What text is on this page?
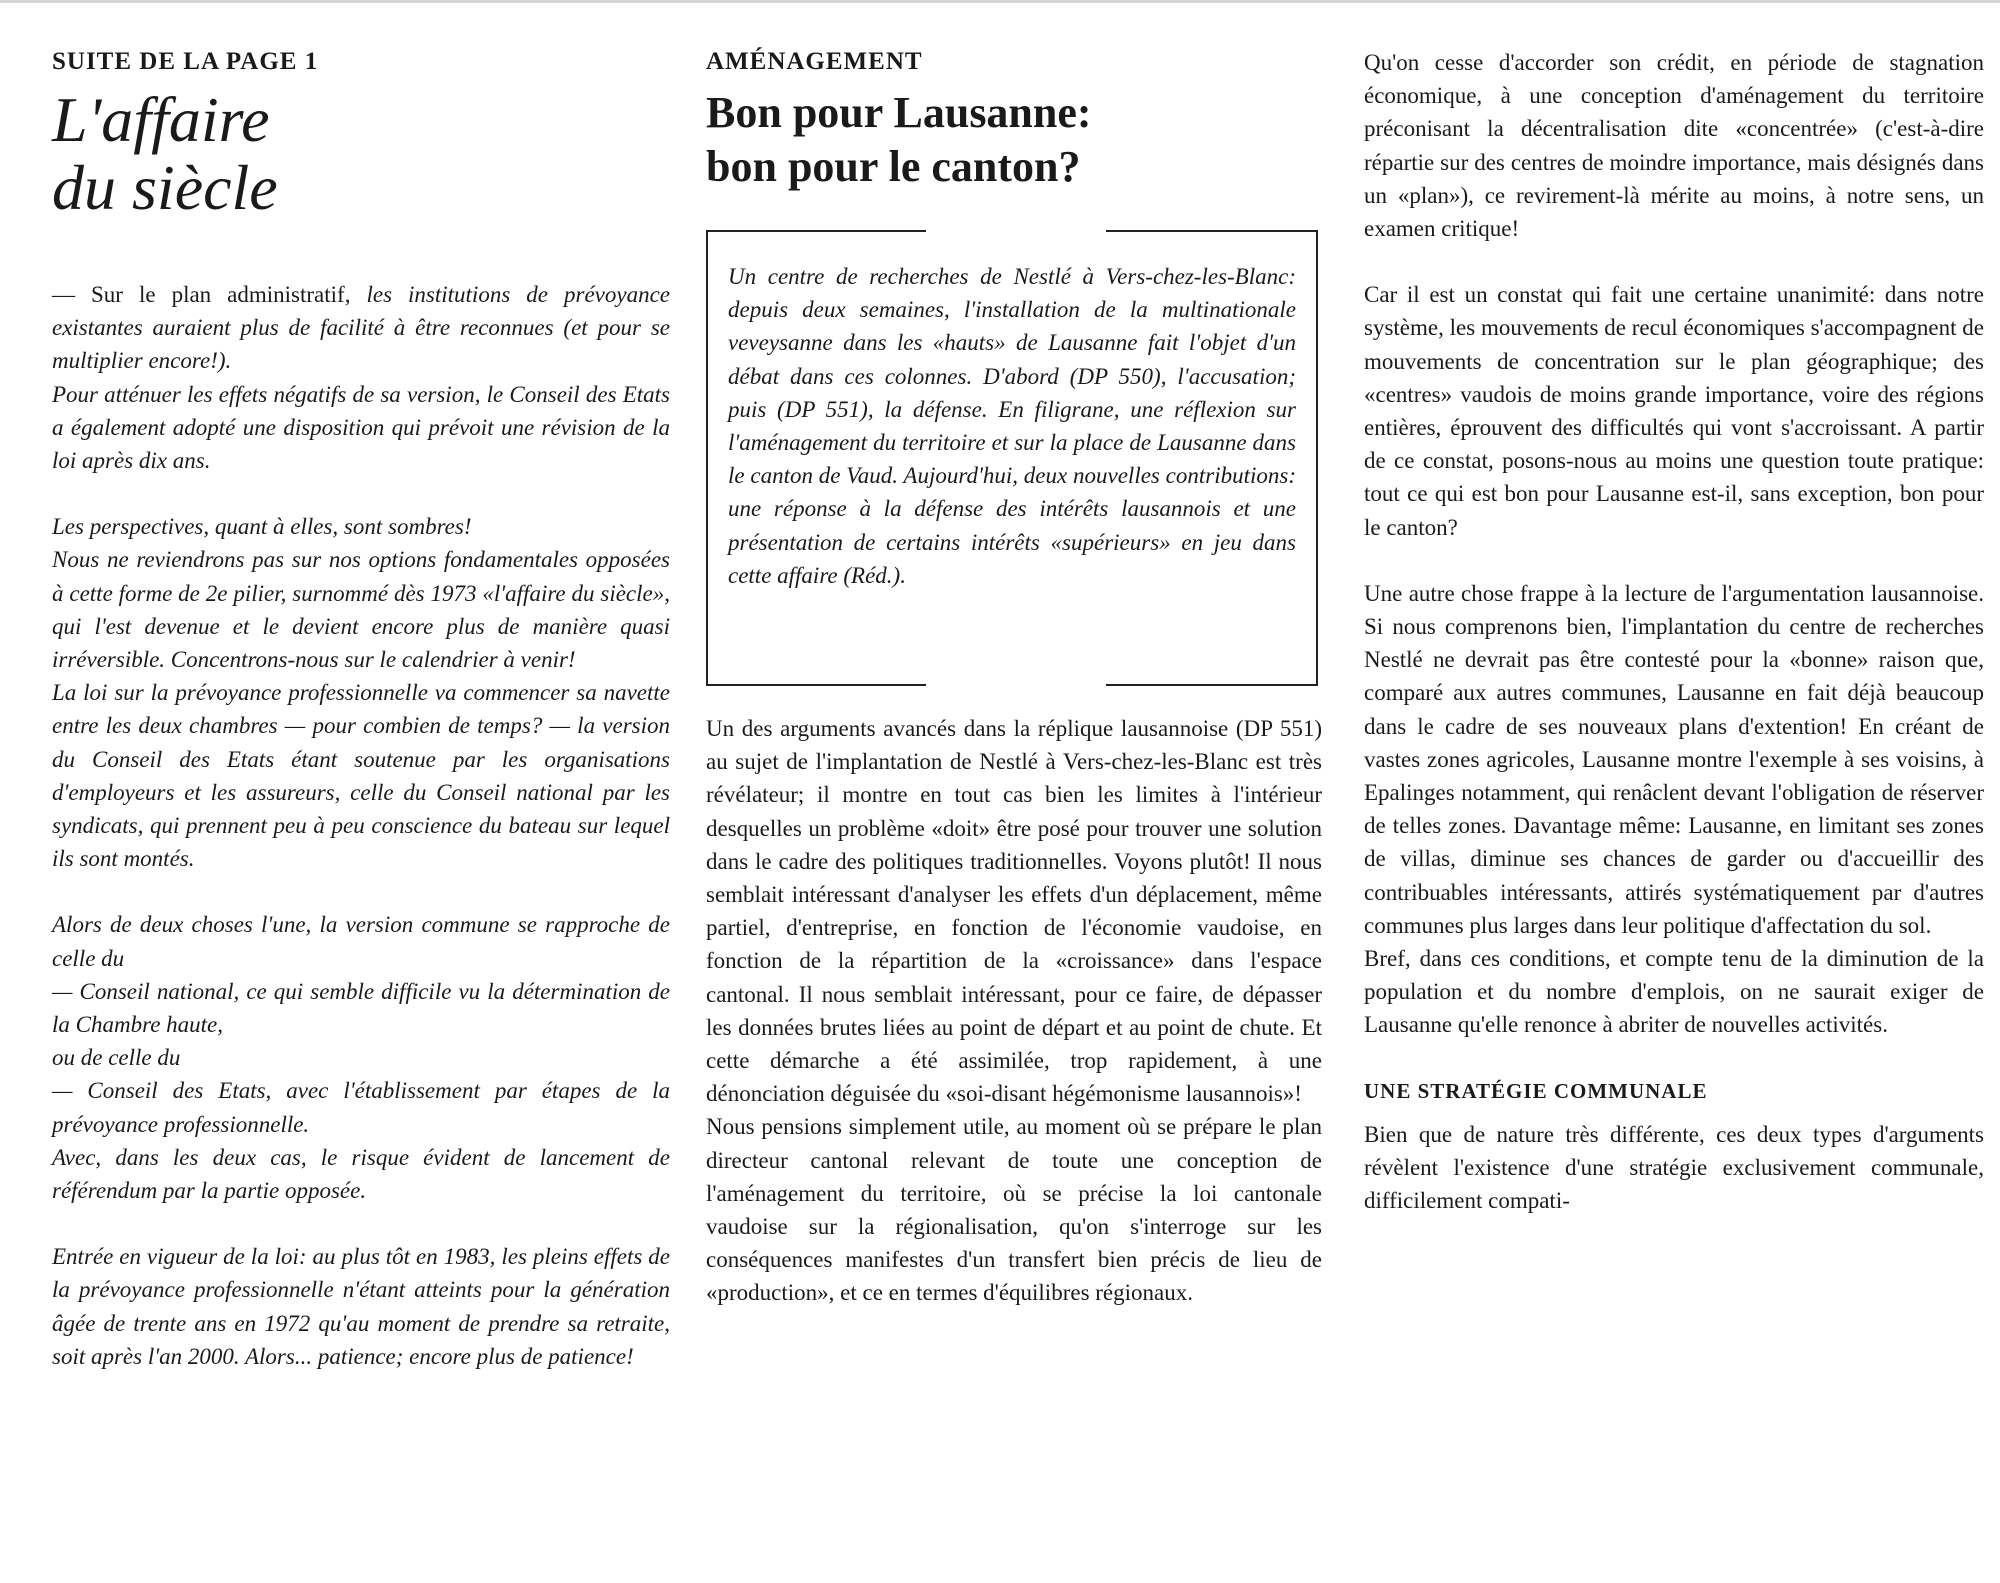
SUITE DE LA PAGE 1
L'affaire
du siècle

— Sur le plan administratif, les institutions de prévoyance existantes auraient plus de facilité à être reconnues (et pour se multiplier encore!).

Pour atténuer les effets négatifs de sa version, le Conseil des Etats a également adopté une disposition qui prévoit une révision de la loi après dix ans.

Les perspectives, quant à elles, sont sombres!

Nous ne reviendrons pas sur nos options fondamentales opposées à cette forme de 2e pilier, surnommé dès 1973 «l'affaire du siècle», qui l'est devenue et le devient encore plus de manière quasi irréversible. Concentrons-nous sur le calendrier à venir!

La loi sur la prévoyance professionnelle va commencer sa navette entre les deux chambres — pour combien de temps? — la version du Conseil des Etats étant soutenue par les organisations d'employeurs et les assureurs, celle du Conseil national par les syndicats, qui prennent peu à peu conscience du bateau sur lequel ils sont montés.

Alors de deux choses l'une, la version commune se rapproche de celle du

— Conseil national, ce qui semble difficile vu la détermination de la Chambre haute,

ou de celle du

— Conseil des Etats, avec l'établissement par étapes de la prévoyance professionnelle.

Avec, dans les deux cas, le risque évident de lancement de référendum par la partie opposée.

Entrée en vigueur de la loi: au plus tôt en 1983, les pleins effets de la prévoyance professionnelle n'étant atteints pour la génération âgée de trente ans en 1972 qu'au moment de prendre sa retraite, soit après l'an 2000. Alors... patience; encore plus de patience!

AMÉNAGEMENT
Bon pour Lausanne:
bon pour le canton?

Un centre de recherches de Nestlé à Vers-chez-les-Blanc: depuis deux semaines, l'installation de la multinationale veveysanne dans les «hauts» de Lausanne fait l'objet d'un débat dans ces colonnes. D'abord (DP 550), l'accusation; puis (DP 551), la défense. En filigrane, une réflexion sur l'aménagement du territoire et sur la place de Lausanne dans le canton de Vaud. Aujourd'hui, deux nouvelles contributions: une réponse à la défense des intérêts lausannois et une présentation de certains intérêts «supérieurs» en jeu dans cette affaire (Réd.).

Un des arguments avancés dans la réplique lausannoise (DP 551) au sujet de l'implantation de Nestlé à Vers-chez-les-Blanc est très révélateur; il montre en tout cas bien les limites à l'intérieur desquelles un problème «doit» être posé pour trouver une solution dans le cadre des politiques traditionnelles. Voyons plutôt! Il nous semblait intéressant d'analyser les effets d'un déplacement, même partiel, d'entreprise, en fonction de l'économie vaudoise, en fonction de la répartition de la «croissance» dans l'espace cantonal. Il nous semblait intéressant, pour ce faire, de dépasser les données brutes liées au point de départ et au point de chute. Et cette démarche a été assimilée, trop rapidement, à une dénonciation déguisée du «soi-disant hégémonisme lausannois»!

Nous pensions simplement utile, au moment où se prépare le plan directeur cantonal relevant de toute une conception de l'aménagement du territoire, où se précise la loi cantonale vaudoise sur la régionalisation, qu'on s'interroge sur les conséquences manifestes d'un transfert bien précis de lieu de «production», et ce en termes d'équilibres régionaux.

Qu'on cesse d'accorder son crédit, en période de stagnation économique, à une conception d'aménagement du territoire préconisant la décentralisation dite «concentrée» (c'est-à-dire répartie sur des centres de moindre importance, mais désignés dans un «plan»), ce revirement-là mérite au moins, à notre sens, un examen critique!

Car il est un constat qui fait une certaine unanimité: dans notre système, les mouvements de recul économiques s'accompagnent de mouvements de concentration sur le plan géographique; des «centres» vaudois de moins grande importance, voire des régions entières, éprouvent des difficultés qui vont s'accroissant. A partir de ce constat, posons-nous au moins une question toute pratique: tout ce qui est bon pour Lausanne est-il, sans exception, bon pour le canton?

Une autre chose frappe à la lecture de l'argumentation lausannoise. Si nous comprenons bien, l'implantation du centre de recherches Nestlé ne devrait pas être contesté pour la «bonne» raison que, comparé aux autres communes, Lausanne en fait déjà beaucoup dans le cadre de ses nouveaux plans d'extention! En créant de vastes zones agricoles, Lausanne montre l'exemple à ses voisins, à Epalinges notamment, qui renâclent devant l'obligation de réserver de telles zones. Davantage même: Lausanne, en limitant ses zones de villas, diminue ses chances de garder ou d'accueillir des contribuables intéressants, attirés systématiquement par d'autres communes plus larges dans leur politique d'affectation du sol.

Bref, dans ces conditions, et compte tenu de la diminution de la population et du nombre d'emplois, on ne saurait exiger de Lausanne qu'elle renonce à abriter de nouvelles activités.

UNE STRATÉGIE COMMUNALE

Bien que de nature très différente, ces deux types d'arguments révèlent l'existence d'une stratégie exclusivement communale, difficilement compati-
